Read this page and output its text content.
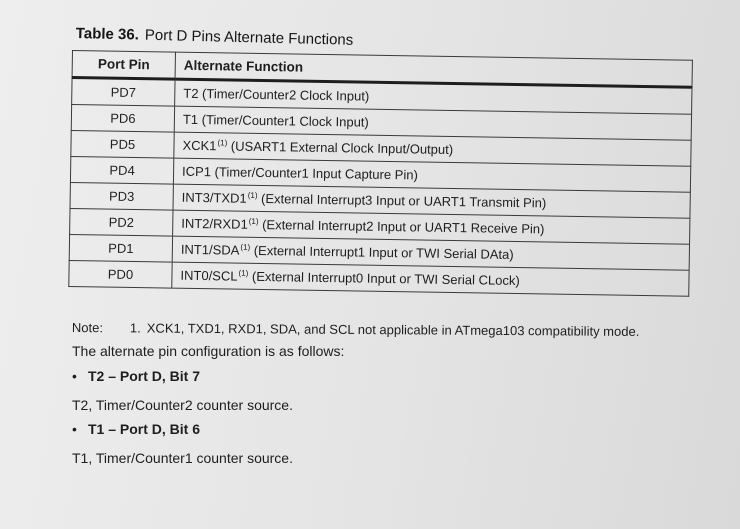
Table 36. Port D Pins Alternate Functions
Port Pin	Alternate Function
PD7	T2 (Timer/Counter2 Clock Input)
PD6	T1 (Timer/Counter1 Clock Input)
PD5	XCK1$^{(1)}$ (USART1 External Clock Input/Output)
PD4	ICP1 (Timer/Counter1 Input Capture Pin)
PD3	INT3/TXD1$^{(1)}$ (External Interrupt3 Input or UART1 Transmit Pin)
PD2	INT2/RXD1$^{(1)}$ (External Interrupt2 Input or UART1 Receive Pin)
PD1	INT1/SDA$^{(1)}$ (External Interrupt1 Input or TWI Serial DAta)
PD0	INT0/SCL$^{(1)}$ (External Interrupt0 Input or TWI Serial CLock)
Note: 1. XCK1, TXD1, RXD1, SDA, and SCL not applicable in ATmega103 compatibility mode.
The alternate pin configuration is as follows:
• T2 – Port D, Bit 7
T2, Timer/Counter2 counter source.
• T1 – Port D, Bit 6
T1, Timer/Counter1 counter source.
